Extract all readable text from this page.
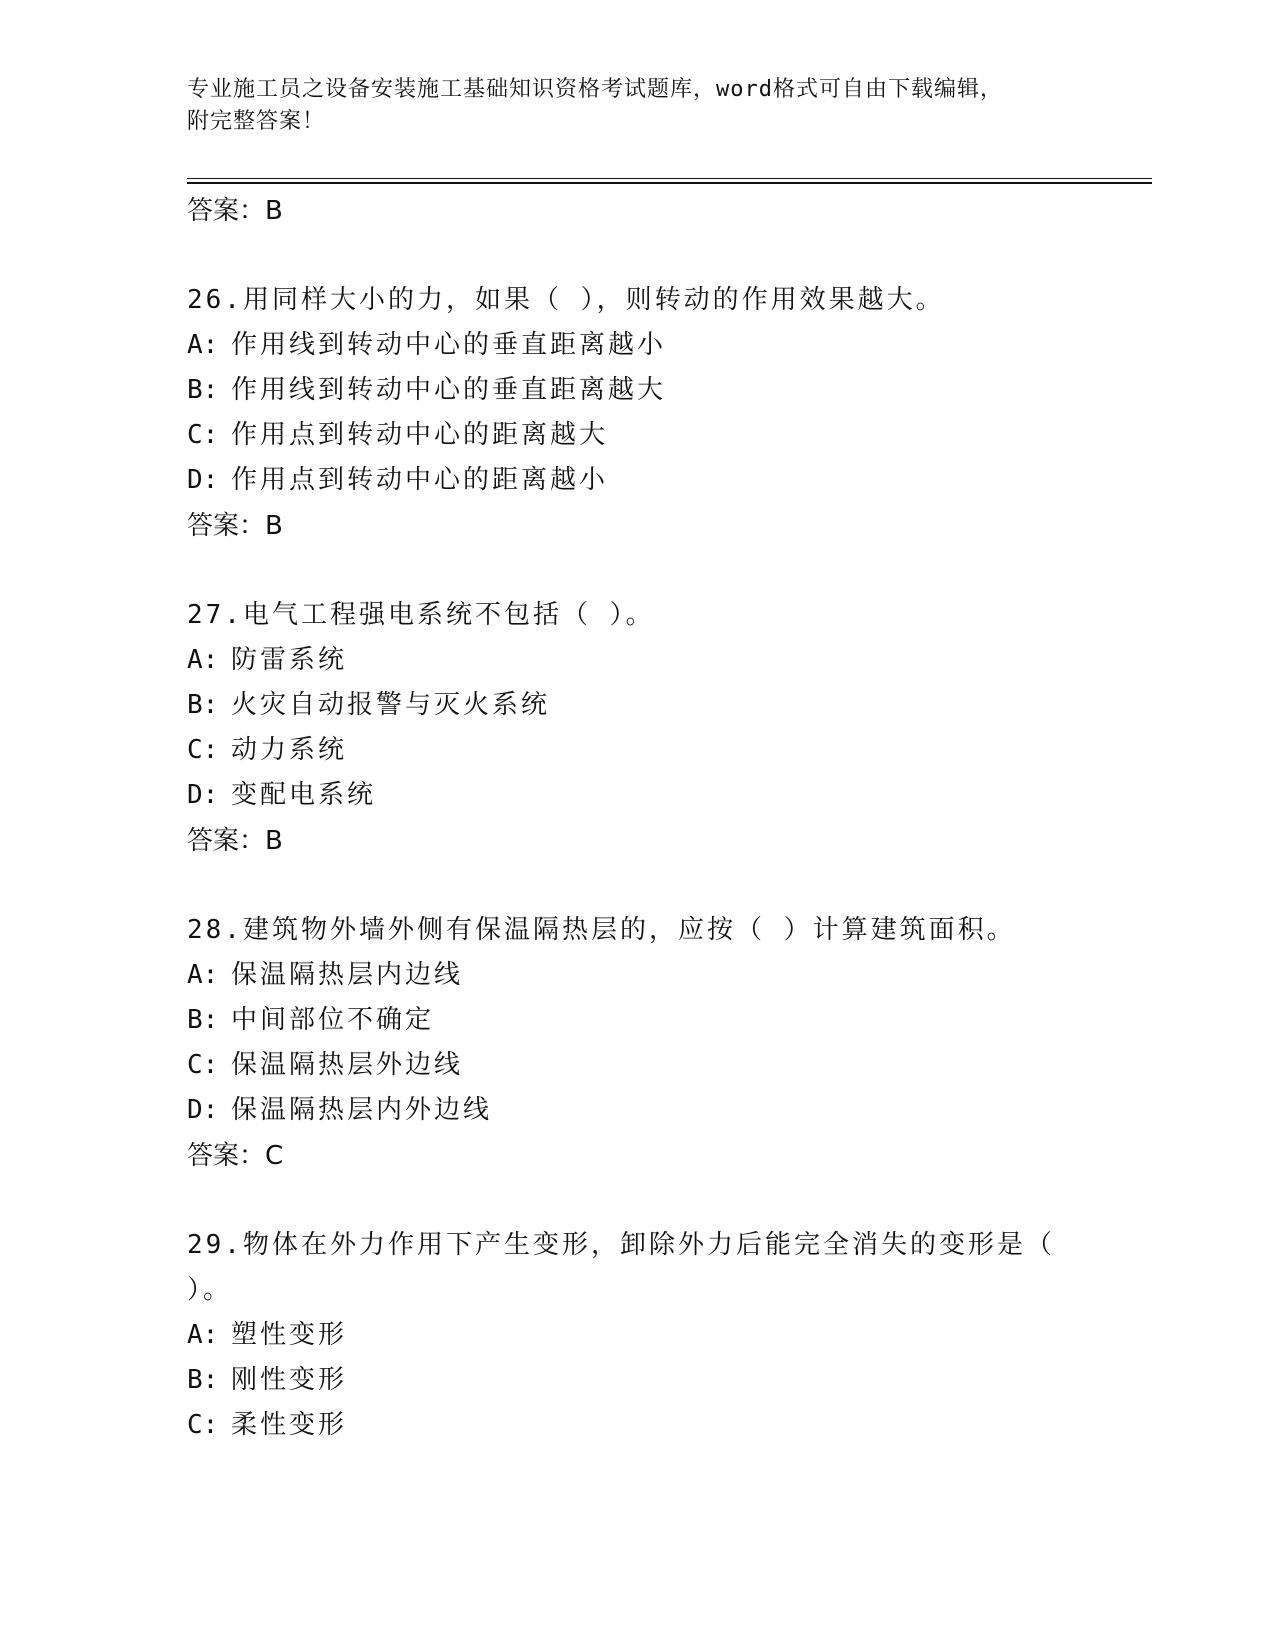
专业施工员之设备安装施工基础知识资格考试题库，word格式可自由下载编辑，
附完整答案！
答案：B
26.用同样大小的力，如果（ ），则转动的作用效果越大。
A: 作用线到转动中心的垂直距离越小
B: 作用线到转动中心的垂直距离越大
C: 作用点到转动中心的距离越大
D: 作用点到转动中心的距离越小
答案：B
27.电气工程强电系统不包括（ ）。
A: 防雷系统
B: 火灾自动报警与灭火系统
C: 动力系统
D: 变配电系统
答案：B
28.建筑物外墙外侧有保温隔热层的，应按（ ）计算建筑面积。
A: 保温隔热层内边线
B: 中间部位不确定
C: 保温隔热层外边线
D: 保温隔热层内外边线
答案：C
29.物体在外力作用下产生变形，卸除外力后能完全消失的变形是（
）。
A: 塑性变形
B: 刚性变形
C: 柔性变形
